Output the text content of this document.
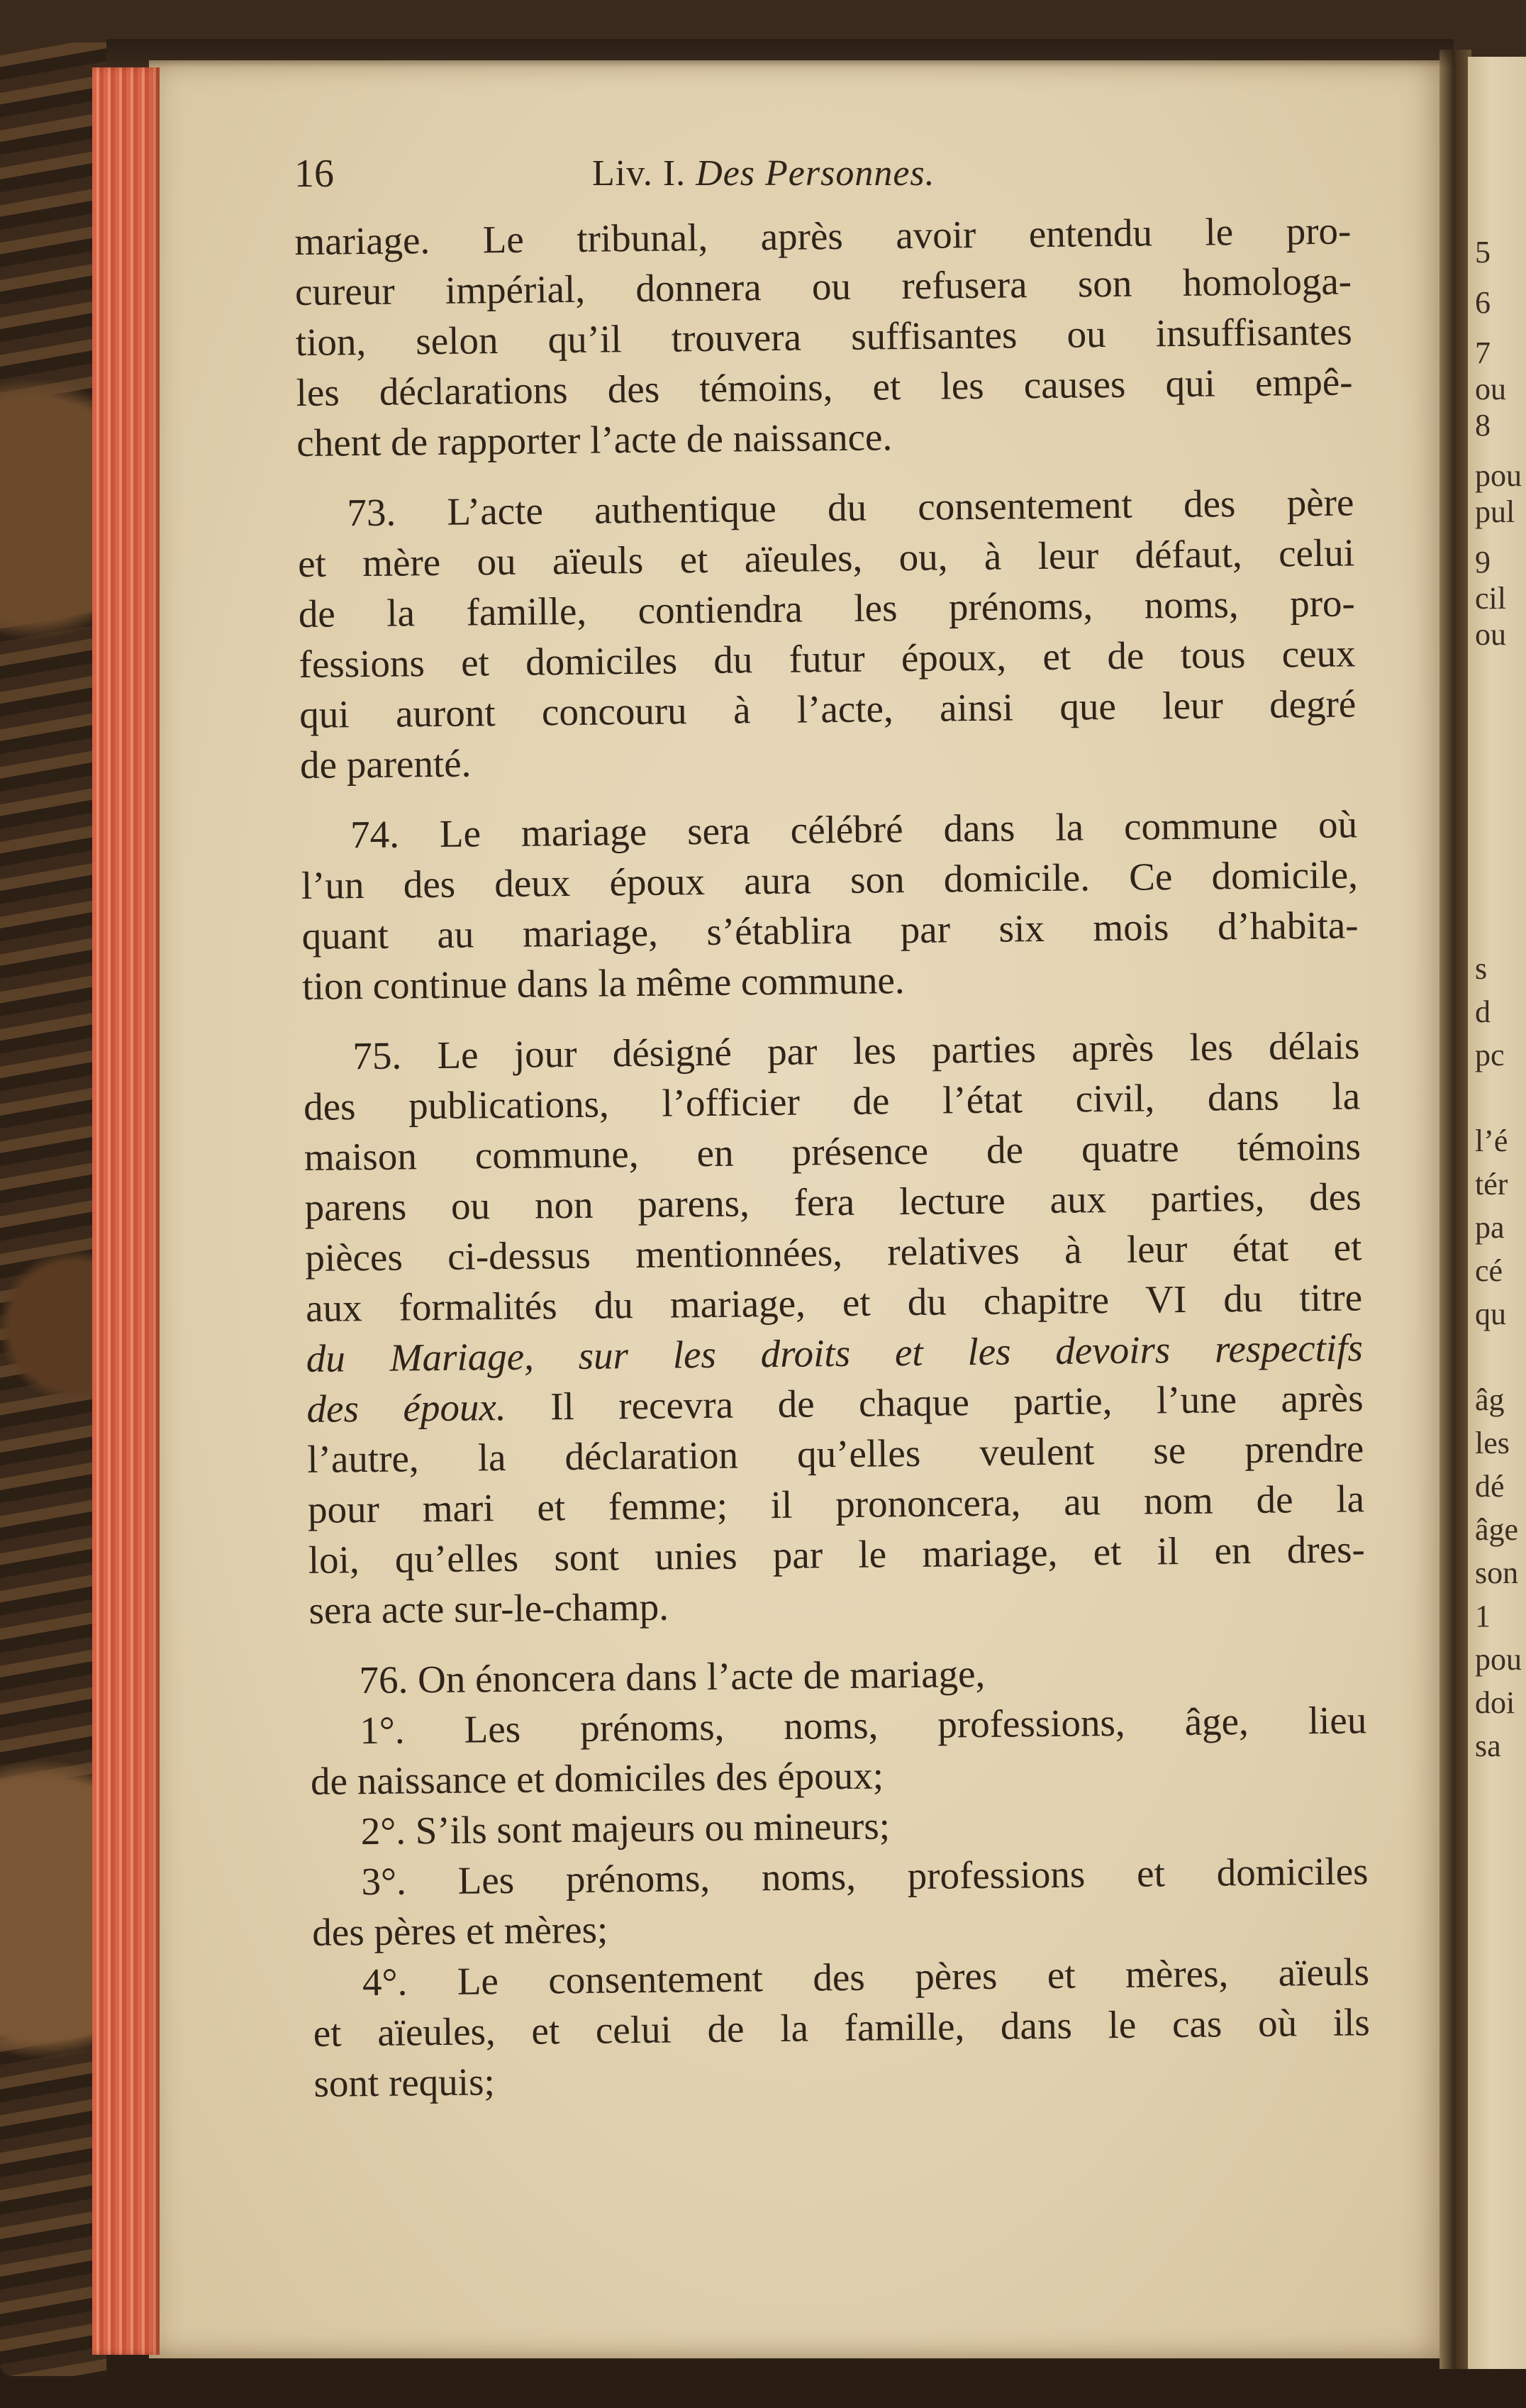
5
6
7
ou
8
pou
pul
9
cil
ou
s
d
pc
l’é
tér
pa
cé
qu
âg
les
dé
âge
son
1
pou
doi
sa
16	Liv. I. Des Personnes.
mariage. Le tribunal, après avoir entendu le pro-
cureur impérial, donnera ou refusera son homologa-
tion, selon qu’il trouvera suffisantes ou insuffisantes
les déclarations des témoins, et les causes qui empê-
chent de rapporter l’acte de naissance.
73. L’acte authentique du consentement des père
et mère ou aïeuls et aïeules, ou, à leur défaut, celui
de la famille, contiendra les prénoms, noms, pro-
fessions et domiciles du futur époux, et de tous ceux
qui auront concouru à l’acte, ainsi que leur degré
de parenté.
74. Le mariage sera célébré dans la commune où
l’un des deux époux aura son domicile. Ce domicile,
quant au mariage, s’établira par six mois d’habita-
tion continue dans la même commune.
75. Le jour désigné par les parties après les délais
des publications, l’officier de l’état civil, dans la
maison commune, en présence de quatre témoins
parens ou non parens, fera lecture aux parties, des
pièces ci-dessus mentionnées, relatives à leur état et
aux formalités du mariage, et du chapitre VI du titre
du Mariage, sur les droits et les devoirs respectifs
des époux. Il recevra de chaque partie, l’une après
l’autre, la déclaration qu’elles veulent se prendre
pour mari et femme; il prononcera, au nom de la
loi, qu’elles sont unies par le mariage, et il en dres-
sera acte sur-le-champ.
76. On énoncera dans l’acte de mariage,
1°. Les prénoms, noms, professions, âge, lieu
de naissance et domiciles des époux;
2°. S’ils sont majeurs ou mineurs;
3°. Les prénoms, noms, professions et domiciles
des pères et mères;
4°. Le consentement des pères et mères, aïeuls
et aïeules, et celui de la famille, dans le cas où ils
sont requis;
